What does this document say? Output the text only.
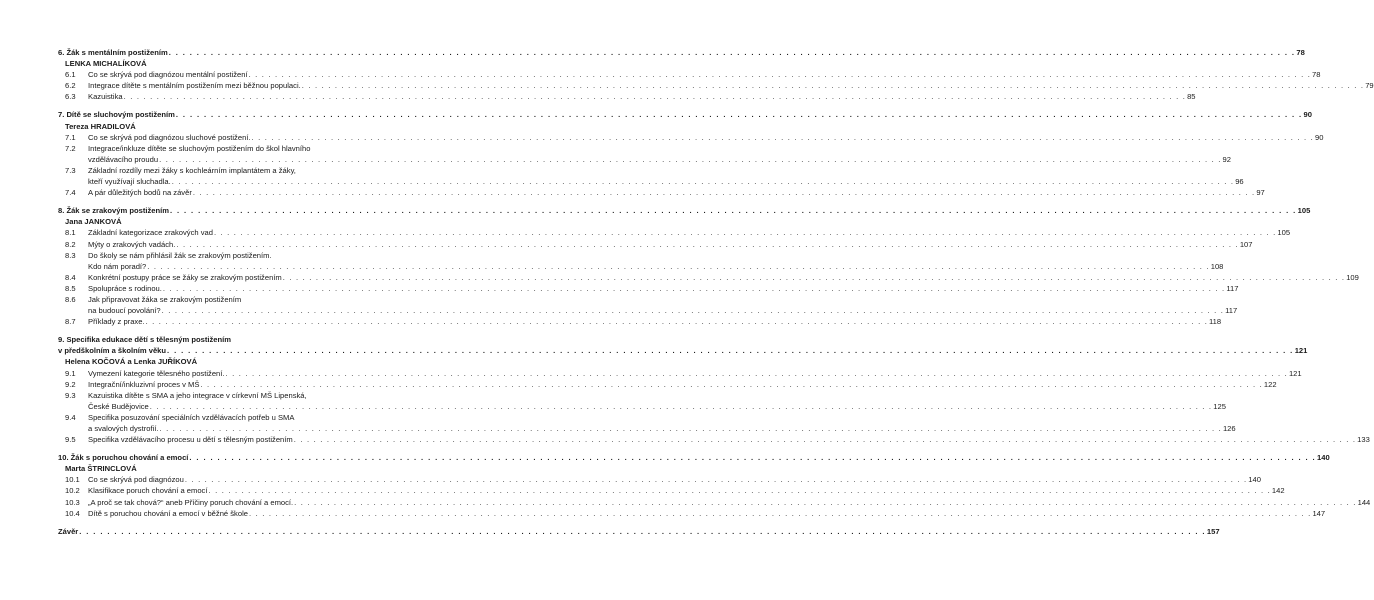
6. Žák s mentálním postižením . . .	78
LENKA MICHALÍKOVÁ
6.1	Co se skrývá pod diagnózou mentální postižení . . .	78
6.2	Integrace dítěte s mentálním postižením mezi běžnou populaci. . . .	79
6.3	Kazuistika . . .	85
7. Dítě se sluchovým postižením . . .	90
Tereza HRADILOVÁ
7.1	Co se skrývá pod diagnózou sluchové postižení. . . .	90
7.2	Integrace/inkluze dítěte se sluchovým postižením do škol hlavního
vzdělávacího proudu . . .	92
7.3	Základní rozdíly mezi žáky s kochleárním implantátem a žáky,
kteří využívají sluchadla. . . .	96
7.4	A pár důležitých bodů na závěr . . .	97
8. Žák se zrakovým postižením . . .	105
Jana JANKOVÁ
8.1	Základní kategorizace zrakových vad . . .	105
8.2	Mýty o zrakových vadách. . . .	107
8.3	Do školy se nám přihlásil žák se zrakovým postižením.
Kdo nám poradí? . . .	108
8.4	Konkrétní postupy práce se žáky se zrakovým postižením . . .	109
8.5	Spolupráce s rodinou. . . .	117
8.6	Jak připravovat žáka se zrakovým postižením
na budoucí povolání? . . .	117
8.7	Příklady z praxe. . . .	118
9. Specifika edukace dětí s tělesným postižením
v předškolním a školním věku . . .	121
Helena KOČOVÁ a Lenka JUŘÍKOVÁ
9.1	Vymezení kategorie tělesného postižení. . . .	121
9.2	Integrační/inkluzivní proces v MŠ . . .	122
9.3	Kazuistika dítěte s SMA a jeho integrace v církevní MŠ Lipenská,
České Budějovice . . .	125
9.4	Specifika posuzování speciálních vzdělávacích potřeb u SMA
a svalových dystrofií. . . .	126
9.5	Specifika vzdělávacího procesu u dětí s tělesným postižením . . .	133
10. Žák s poruchou chování a emocí . . .	140
Marta ŠTRINCLOVÁ
10.1	Co se skrývá pod diagnózou . . .	140
10.2	Klasifikace poruch chování a emocí . . .	142
10.3	„A proč se tak chová?“ aneb Příčiny poruch chování a emocí. . . .	144
10.4	Dítě s poruchou chování a emocí v běžné škole . . .	147
Závěr . . .	157
